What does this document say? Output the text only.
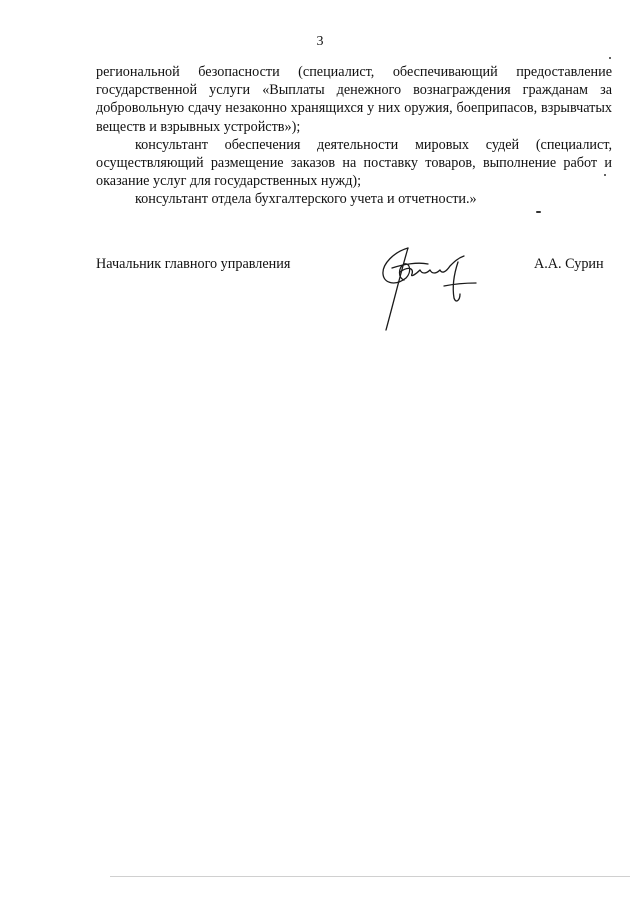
3

региональной безопасности (специалист, обеспечивающий предоставление государственной услуги «Выплаты денежного вознаграждения гражданам за добровольную сдачу незаконно хранящихся у них оружия, боеприпасов, взрывчатых веществ и взрывных устройств»);

консультант обеспечения деятельности мировых судей (специалист, осуществляющий размещение заказов на поставку товаров, выполнение работ и оказание услуг для государственных нужд);

консультант отдела бухгалтерского учета и отчетности.»

Начальник главного управления	А.А. Сурин
